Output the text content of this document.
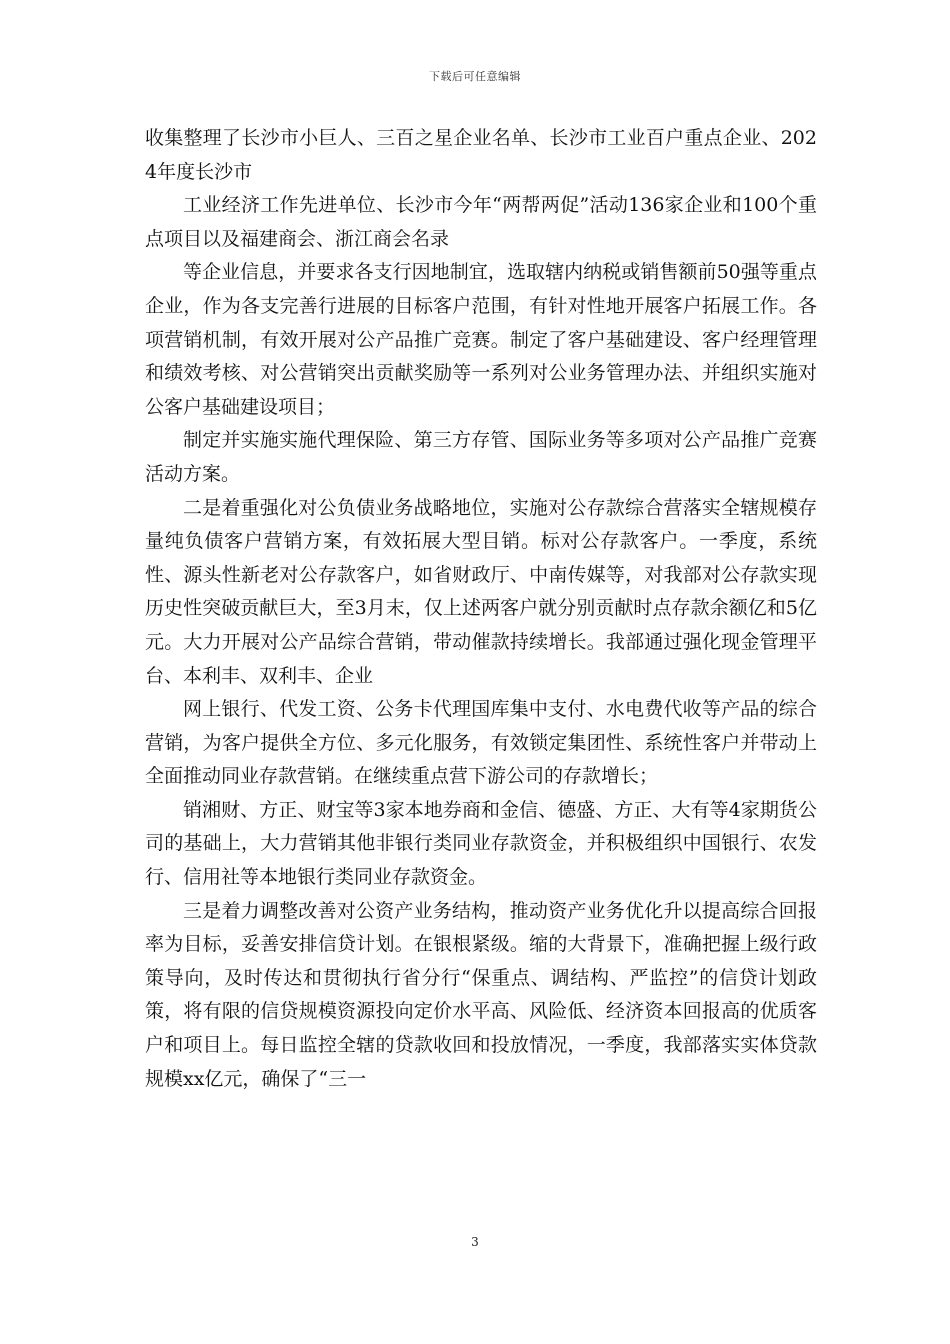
下载后可任意编辑

收集整理了长沙市小巨人、三百之星企业名单、长沙市工业百户重点企业、2024年度长沙市

工业经济工作先进单位、长沙市今年“两帮两促”活动136家企业和100个重点项目以及福建商会、浙江商会名录

等企业信息，并要求各支行因地制宜，选取辖内纳税或销售额前50强等重点企业，作为各支完善行进展的目标客户范围，有针对性地开展客户拓展工作。各项营销机制，有效开展对公产品推广竞赛。制定了客户基础建设、客户经理管理和绩效考核、对公营销突出贡献奖励等一系列对公业务管理办法、并组织实施对公客户基础建设项目；

制定并实施实施代理保险、第三方存管、国际业务等多项对公产品推广竞赛活动方案。

二是着重强化对公负债业务战略地位，实施对公存款综合营落实全辖规模存量纯负债客户营销方案，有效拓展大型目销。标对公存款客户。一季度，系统性、源头性新老对公存款客户，如省财政厅、中南传媒等，对我部对公存款实现历史性突破贡献巨大，至3月末，仅上述两客户就分别贡献时点存款余额亿和5亿元。大力开展对公产品综合营销，带动催款持续增长。我部通过强化现金管理平台、本利丰、双利丰、企业

网上银行、代发工资、公务卡代理国库集中支付、水电费代收等产品的综合营销，为客户提供全方位、多元化服务，有效锁定集团性、系统性客户并带动上全面推动同业存款营销。在继续重点营下游公司的存款增长；

销湘财、方正、财宝等3家本地券商和金信、德盛、方正、大有等4家期货公司的基础上，大力营销其他非银行类同业存款资金，并积极组织中国银行、农发行、信用社等本地银行类同业存款资金。

三是着力调整改善对公资产业务结构，推动资产业务优化升以提高综合回报率为目标，妥善安排信贷计划。在银根紧级。缩的大背景下，准确把握上级行政策导向，及时传达和贯彻执行省分行“保重点、调结构、严监控”的信贷计划政策，将有限的信贷规模资源投向定价水平高、风险低、经济资本回报高的优质客户和项目上。每日监控全辖的贷款收回和投放情况，一季度，我部落实实体贷款规模xx亿元，确保了“三一

3
